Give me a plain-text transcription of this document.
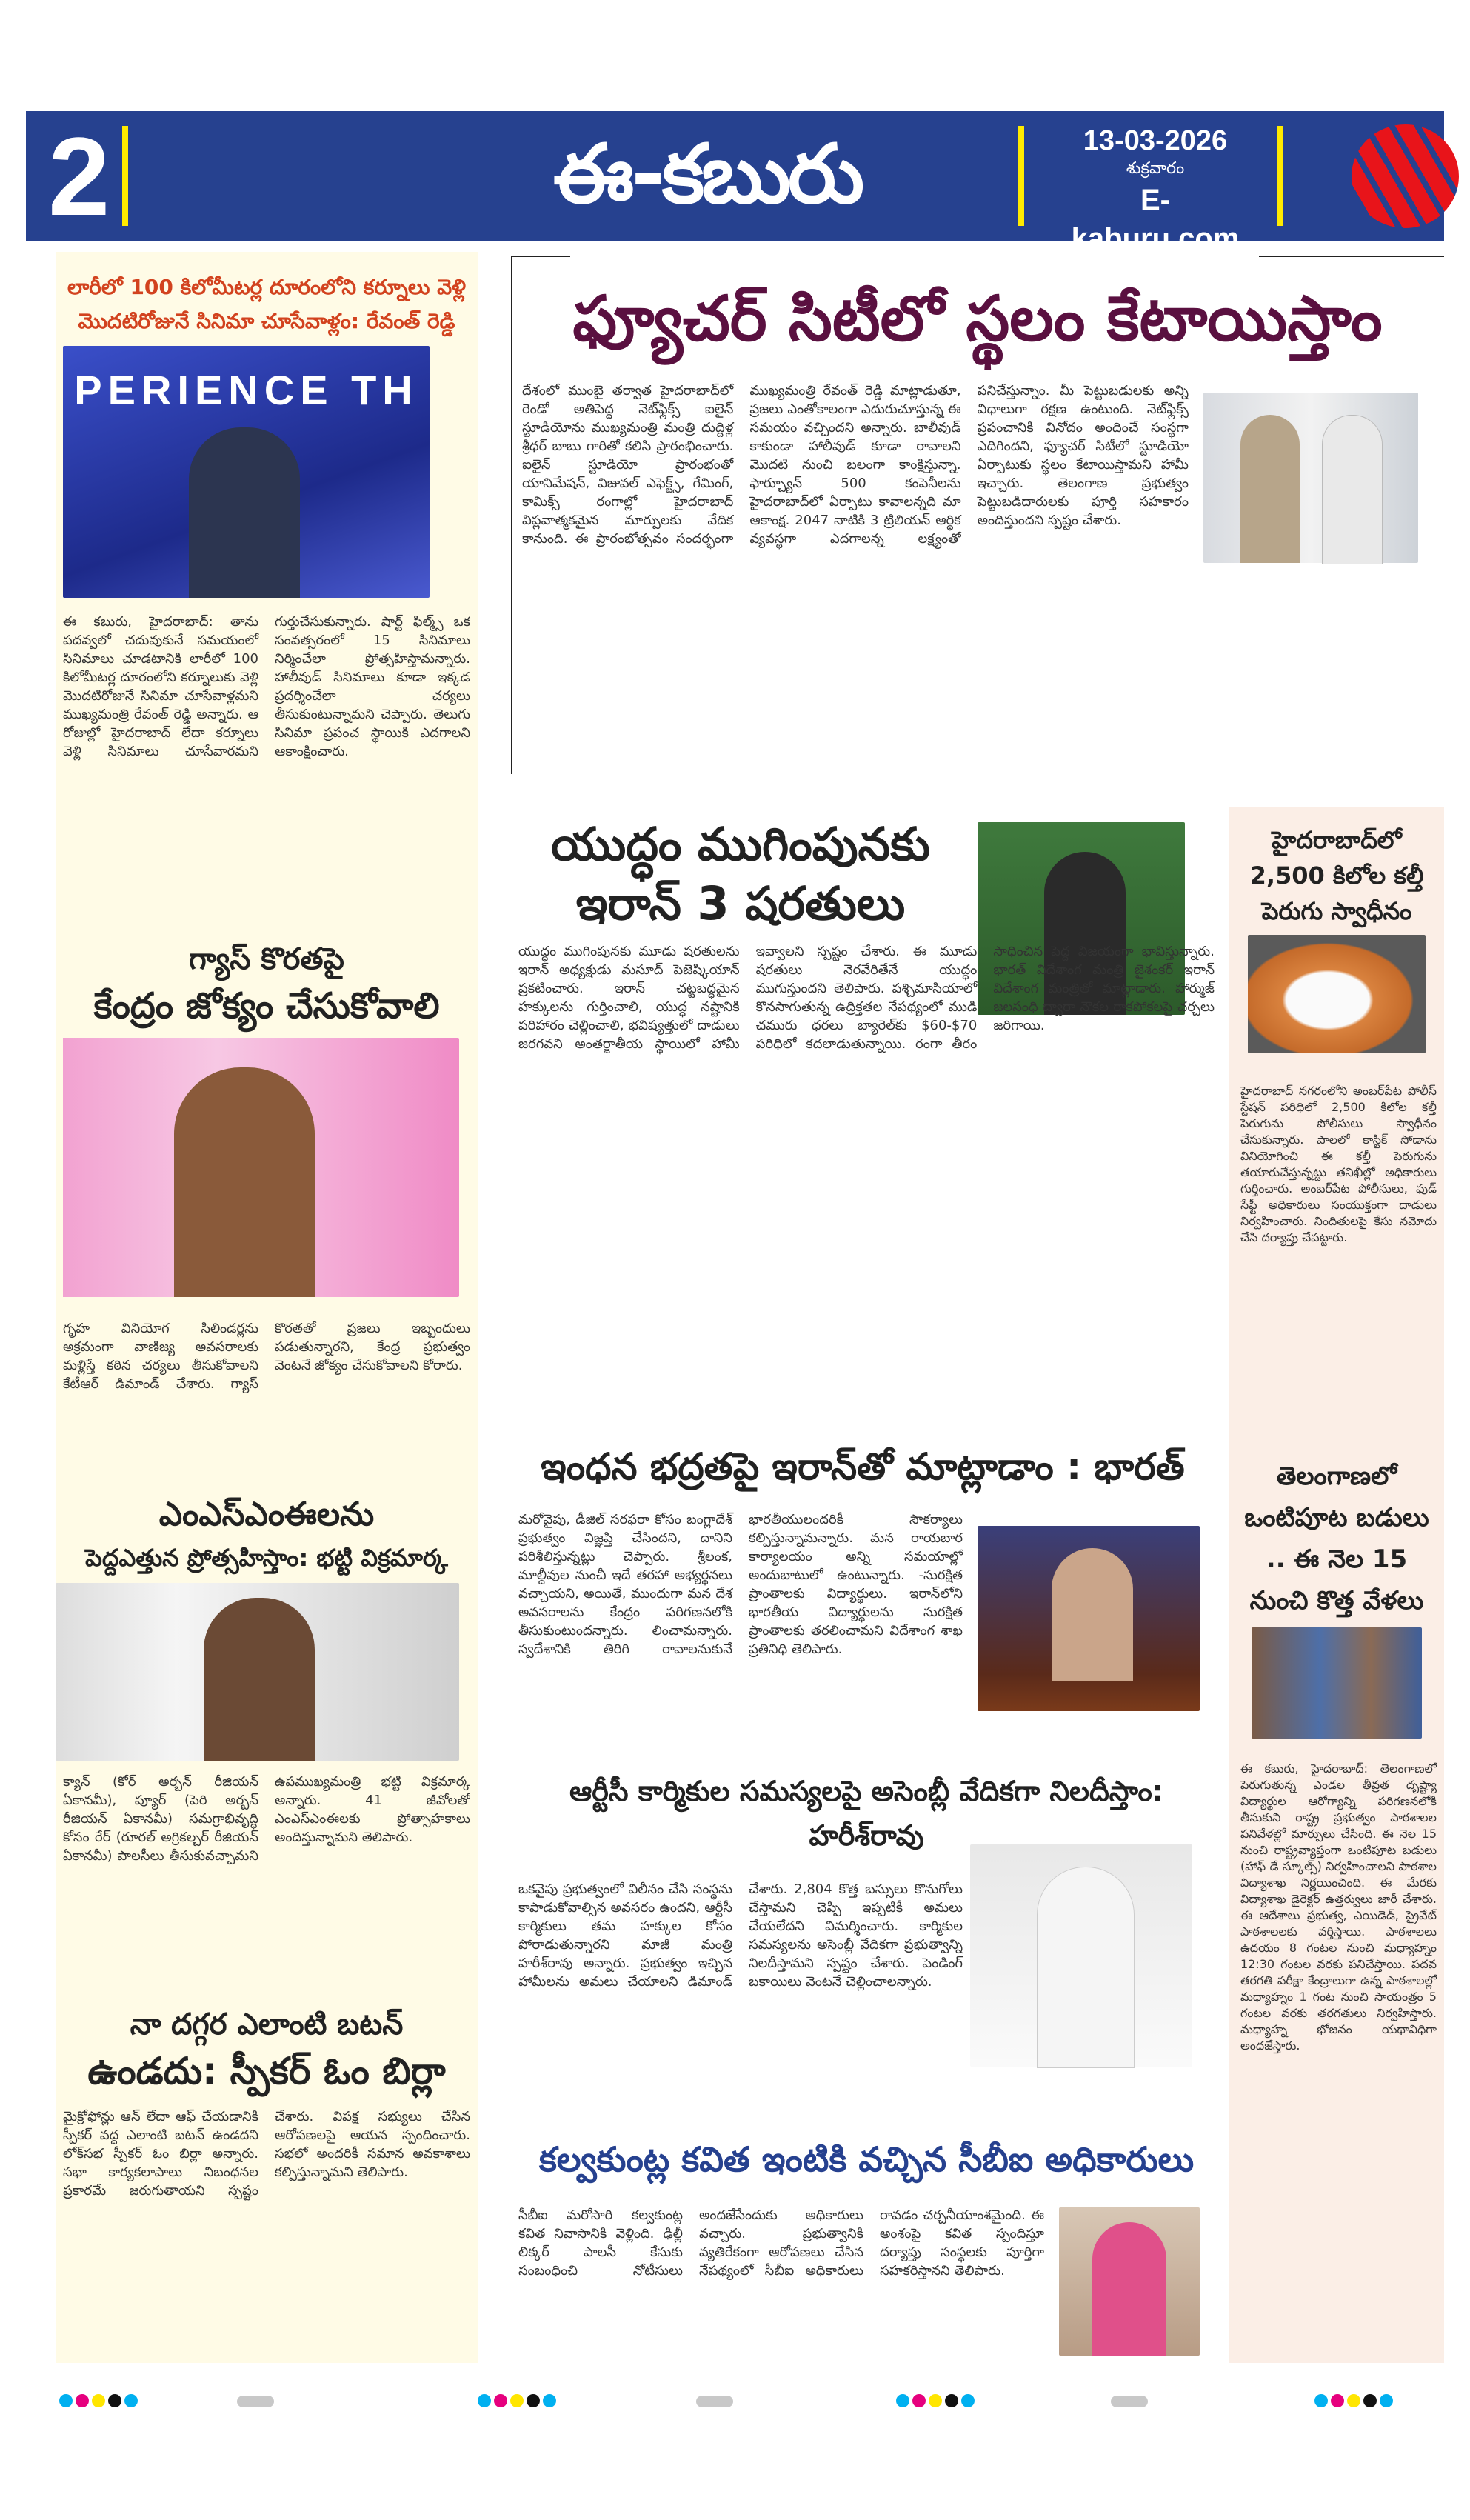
2	ఈ-కబురు	13-03-2026
శుక్రవారం
E-kaburu.com
లారీలో 100 కిలోమీటర్ల దూరంలోని కర్నూలు వెళ్లి మొదటిరోజునే సినిమా చూసేవాళ్లం: రేవంత్ రెడ్డి
PERIENCE TH
ఈ కబురు, హైదరాబాద్: తాను పదవ్వలో చదువుకునే సమయంలో సినిమాలు చూడటానికి లారీలో 100 కిలోమీటర్ల దూరంలోని కర్నూలుకు వెళ్లి మొదటిరోజునే సినిమా చూసేవాళ్లమని ముఖ్యమంత్రి రేవంత్ రెడ్డి అన్నారు. ఆ రోజుల్లో హైదరాబాద్ లేదా కర్నూలు వెళ్లి సినిమాలు చూసేవారమని గుర్తుచేసుకున్నారు. షార్ట్ ఫిల్మ్స్ ఒక సంవత్సరంలో 15 సినిమాలు నిర్మించేలా ప్రోత్సహిస్తామన్నారు. హాలీవుడ్ సినిమాలు కూడా ఇక్కడ ప్రదర్శించేలా చర్యలు తీసుకుంటున్నామని చెప్పారు. తెలుగు సినిమా ప్రపంచ స్థాయికి ఎదగాలని ఆకాంక్షించారు.
గ్యాస్ కొరతపై
కేంద్రం జోక్యం చేసుకోవాలి
గృహ వినియోగ సిలిండర్లను అక్రమంగా వాణిజ్య అవసరాలకు మళ్లిస్తే కఠిన చర్యలు తీసుకోవాలని కేటీఆర్ డిమాండ్ చేశారు. గ్యాస్ కొరతతో ప్రజలు ఇబ్బందులు పడుతున్నారని, కేంద్ర ప్రభుత్వం వెంటనే జోక్యం చేసుకోవాలని కోరారు.
ఎంఎస్ఎంఈలను
పెద్దఎత్తున ప్రోత్సహిస్తాం: భట్టి విక్రమార్క
క్యాన్ (కోర్ అర్బన్ రీజియన్ ఏకానమీ), ప్యూర్ (పెరి అర్బన్ రీజియన్ ఏకానమీ) సమగ్రాభివృద్ధి కోసం రేర్ (రూరల్ అగ్రికల్చర్ రీజియన్ ఏకానమీ) పాలసీలు తీసుకువచ్చామని ఉపముఖ్యమంత్రి భట్టి విక్రమార్క అన్నారు. 41 జీవోలతో ఎంఎస్ఎంఈలకు ప్రోత్సాహకాలు అందిస్తున్నామని తెలిపారు.
నా దగ్గర ఎలాంటి బటన్
ఉండదు: స్పీకర్ ఓం బిర్లా
మైక్రోఫోన్లు ఆన్ లేదా ఆఫ్ చేయడానికి స్పీకర్ వద్ద ఎలాంటి బటన్ ఉండదని లోక్‌సభ స్పీకర్ ఓం బిర్లా అన్నారు. సభా కార్యకలాపాలు నిబంధనల ప్రకారమే జరుగుతాయని స్పష్టం చేశారు. విపక్ష సభ్యులు చేసిన ఆరోపణలపై ఆయన స్పందించారు. సభలో అందరికీ సమాన అవకాశాలు కల్పిస్తున్నామని తెలిపారు.
ఫ్యూచర్ సిటీలో స్థలం కేటాయిస్తాం
దేశంలో ముంబై తర్వాత హైదరాబాద్‌లో రెండో అతిపెద్ద నెట్‌ఫ్లిక్స్ ఐలైన్ స్టూడియోను ముఖ్యమంత్రి మంత్రి దుద్దిళ్ల శ్రీధర్ బాబు గారితో కలిసి ప్రారంభించారు. ఐలైన్ స్టూడియో ప్రారంభంతో యానిమేషన్, విజువల్ ఎఫెక్ట్స్, గేమింగ్, కామిక్స్ రంగాల్లో హైదరాబాద్ విప్లవాత్మకమైన మార్పులకు వేదిక కానుంది. ఈ ప్రారంభోత్సవం సందర్భంగా ముఖ్యమంత్రి రేవంత్ రెడ్డి మాట్లాడుతూ, ప్రజలు ఎంతోకాలంగా ఎదురుచూస్తున్న ఈ సమయం వచ్చిందని అన్నారు. బాలీవుడ్ కాకుండా హాలీవుడ్ కూడా రావాలని మొదటి నుంచి బలంగా కాంక్షిస్తున్నా. ఫార్చ్యూన్ 500 కంపెనీలను హైదరాబాద్‌లో ఏర్పాటు కావాలన్నది మా ఆకాంక్ష. 2047 నాటికి 3 ట్రిలియన్ ఆర్థిక వ్యవస్థగా ఎదగాలన్న లక్ష్యంతో పనిచేస్తున్నాం. మీ పెట్టుబడులకు అన్ని విధాలుగా రక్షణ ఉంటుంది. నెట్‌ఫ్లిక్స్ ప్రపంచానికి వినోదం అందించే సంస్థగా ఎదిగిందని, ఫ్యూచర్ సిటీలో స్టూడియో ఏర్పాటుకు స్థలం కేటాయిస్తామని హామీ ఇచ్చారు. తెలంగాణ ప్రభుత్వం పెట్టుబడిదారులకు పూర్తి సహకారం అందిస్తుందని స్పష్టం చేశారు.
యుద్ధం ముగింపునకు
ఇరాన్ 3 షరతులు
యుద్ధం ముగింపునకు మూడు షరతులను ఇరాన్ అధ్యక్షుడు మసూద్ పెజెష్కియాన్ ప్రకటించారు. ఇరాన్ చట్టబద్ధమైన హక్కులను గుర్తించాలి, యుద్ధ నష్టానికి పరిహారం చెల్లించాలి, భవిష్యత్తులో దాడులు జరగవని అంతర్జాతీయ స్థాయిలో హామీ ఇవ్వాలని స్పష్టం చేశారు. ఈ మూడు షరతులు నెరవేరితేనే యుద్ధం ముగుస్తుందని తెలిపారు. పశ్చిమాసియాలో కొనసాగుతున్న ఉద్రిక్తతల నేపథ్యంలో ముడి చమురు ధరలు బ్యారెల్‌కు $60-$70 పరిధిలో కదలాడుతున్నాయి. రంగా తీరం సాధించిన పెద్ద విజయంగా భావిస్తున్నారు. భారత్ విదేశాంగ మంత్రి జైశంకర్ ఇరాన్ విదేశాంగ మంత్రితో మాట్లాడారు. హార్ముజ్ జలసంధి ద్వారా నౌకల రాకపోకలపై చర్చలు జరిగాయి.
ఇంధన భద్రతపై ఇరాన్‌తో మాట్లాడాం : భారత్
మరోవైపు, డీజిల్ సరఫరా కోసం బంగ్లాదేశ్ ప్రభుత్వం విజ్ఞప్తి చేసిందని, దానిని పరిశీలిస్తున్నట్లు చెప్పారు. శ్రీలంక, మాల్దీవుల నుంచీ ఇదే తరహా అభ్యర్థనలు వచ్చాయని, అయితే, ముందుగా మన దేశ అవసరాలను కేంద్రం పరిగణనలోకి తీసుకుంటుందన్నారు. లించామన్నారు. స్వదేశానికి తిరిగి రావాలనుకునే భారతీయులందరికీ సౌకర్యాలు కల్పిస్తున్నామన్నారు. మన రాయబార కార్యాలయం అన్ని సమయాల్లో అందుబాటులో ఉంటున్నారు. -సురక్షిత ప్రాంతాలకు విద్యార్థులు. ఇరాన్‌లోని భారతీయ విద్యార్థులను సురక్షిత ప్రాంతాలకు తరలించామని విదేశాంగ శాఖ ప్రతినిధి తెలిపారు.
ఆర్టీసీ కార్మికుల సమస్యలపై అసెంబ్లీ వేదికగా నిలదీస్తాం: హరీశ్‌రావు
ఒకవైపు ప్రభుత్వంలో విలీనం చేసి సంస్థను కాపాడుకోవాల్సిన అవసరం ఉందని, ఆర్టీసీ కార్మికులు తమ హక్కుల కోసం పోరాడుతున్నారని మాజీ మంత్రి హరీశ్‌రావు అన్నారు. ప్రభుత్వం ఇచ్చిన హామీలను అమలు చేయాలని డిమాండ్ చేశారు. 2,804 కొత్త బస్సులు కొనుగోలు చేస్తామని చెప్పి ఇప్పటికీ అమలు చేయలేదని విమర్శించారు. కార్మికుల సమస్యలను అసెంబ్లీ వేదికగా ప్రభుత్వాన్ని నిలదీస్తామని స్పష్టం చేశారు. పెండింగ్ బకాయిలు వెంటనే చెల్లించాలన్నారు.
కల్వకుంట్ల కవిత ఇంటికి వచ్చిన సీబీఐ అధికారులు
సీబీఐ మరోసారి కల్వకుంట్ల కవిత నివాసానికి వెళ్లింది. ఢిల్లీ లిక్కర్ పాలసీ కేసుకు సంబంధించి నోటీసులు అందజేసేందుకు అధికారులు వచ్చారు. ప్రభుత్వానికి వ్యతిరేకంగా ఆరోపణలు చేసిన నేపథ్యంలో సీబీఐ అధికారులు రావడం చర్చనీయాంశమైంది. ఈ అంశంపై కవిత స్పందిస్తూ దర్యాప్తు సంస్థలకు పూర్తిగా సహకరిస్తానని తెలిపారు.
హైదరాబాద్‌లో 2,500 కిలోల కల్తీ పెరుగు స్వాధీనం
హైదరాబాద్ నగరంలోని అంబర్‌పేట పోలీస్ స్టేషన్ పరిధిలో 2,500 కిలోల కల్తీ పెరుగును పోలీసులు స్వాధీనం చేసుకున్నారు. పాలలో కాస్టిక్ సోడాను వినియోగించి ఈ కల్తీ పెరుగును తయారుచేస్తున్నట్టు తనిఖీల్లో అధికారులు గుర్తించారు. అంబర్‌పేట పోలీసులు, ఫుడ్ సేఫ్టీ అధికారులు సంయుక్తంగా దాడులు నిర్వహించారు. నిందితులపై కేసు నమోదు చేసి దర్యాప్తు చేపట్టారు.
తెలంగాణలో ఒంటిపూట బడులు .. ఈ నెల 15 నుంచి కొత్త వేళలు
ఈ కబురు, హైదరాబాద్: తెలంగాణలో పెరుగుతున్న ఎండల తీవ్రత దృష్ట్యా విద్యార్థుల ఆరోగ్యాన్ని పరిగణనలోకి తీసుకుని రాష్ట్ర ప్రభుత్వం పాఠశాలల పనివేళల్లో మార్పులు చేసింది. ఈ నెల 15 నుంచి రాష్ట్రవ్యాప్తంగా ఒంటిపూట బడులు (హాఫ్ డే స్కూల్స్) నిర్వహించాలని పాఠశాల విద్యాశాఖ నిర్ణయించింది. ఈ మేరకు విద్యాశాఖ డైరెక్టర్ ఉత్తర్వులు జారీ చేశారు. ఈ ఆదేశాలు ప్రభుత్వ, ఎయిడెడ్, ప్రైవేట్ పాఠశాలలకు వర్తిస్తాయి. పాఠశాలలు ఉదయం 8 గంటల నుంచి మధ్యాహ్నం 12:30 గంటల వరకు పనిచేస్తాయి. పదవ తరగతి పరీక్షా కేంద్రాలుగా ఉన్న పాఠశాలల్లో మధ్యాహ్నం 1 గంట నుంచి సాయంత్రం 5 గంటల వరకు తరగతులు నిర్వహిస్తారు. మధ్యాహ్న భోజనం యథావిధిగా అందజేస్తారు.
